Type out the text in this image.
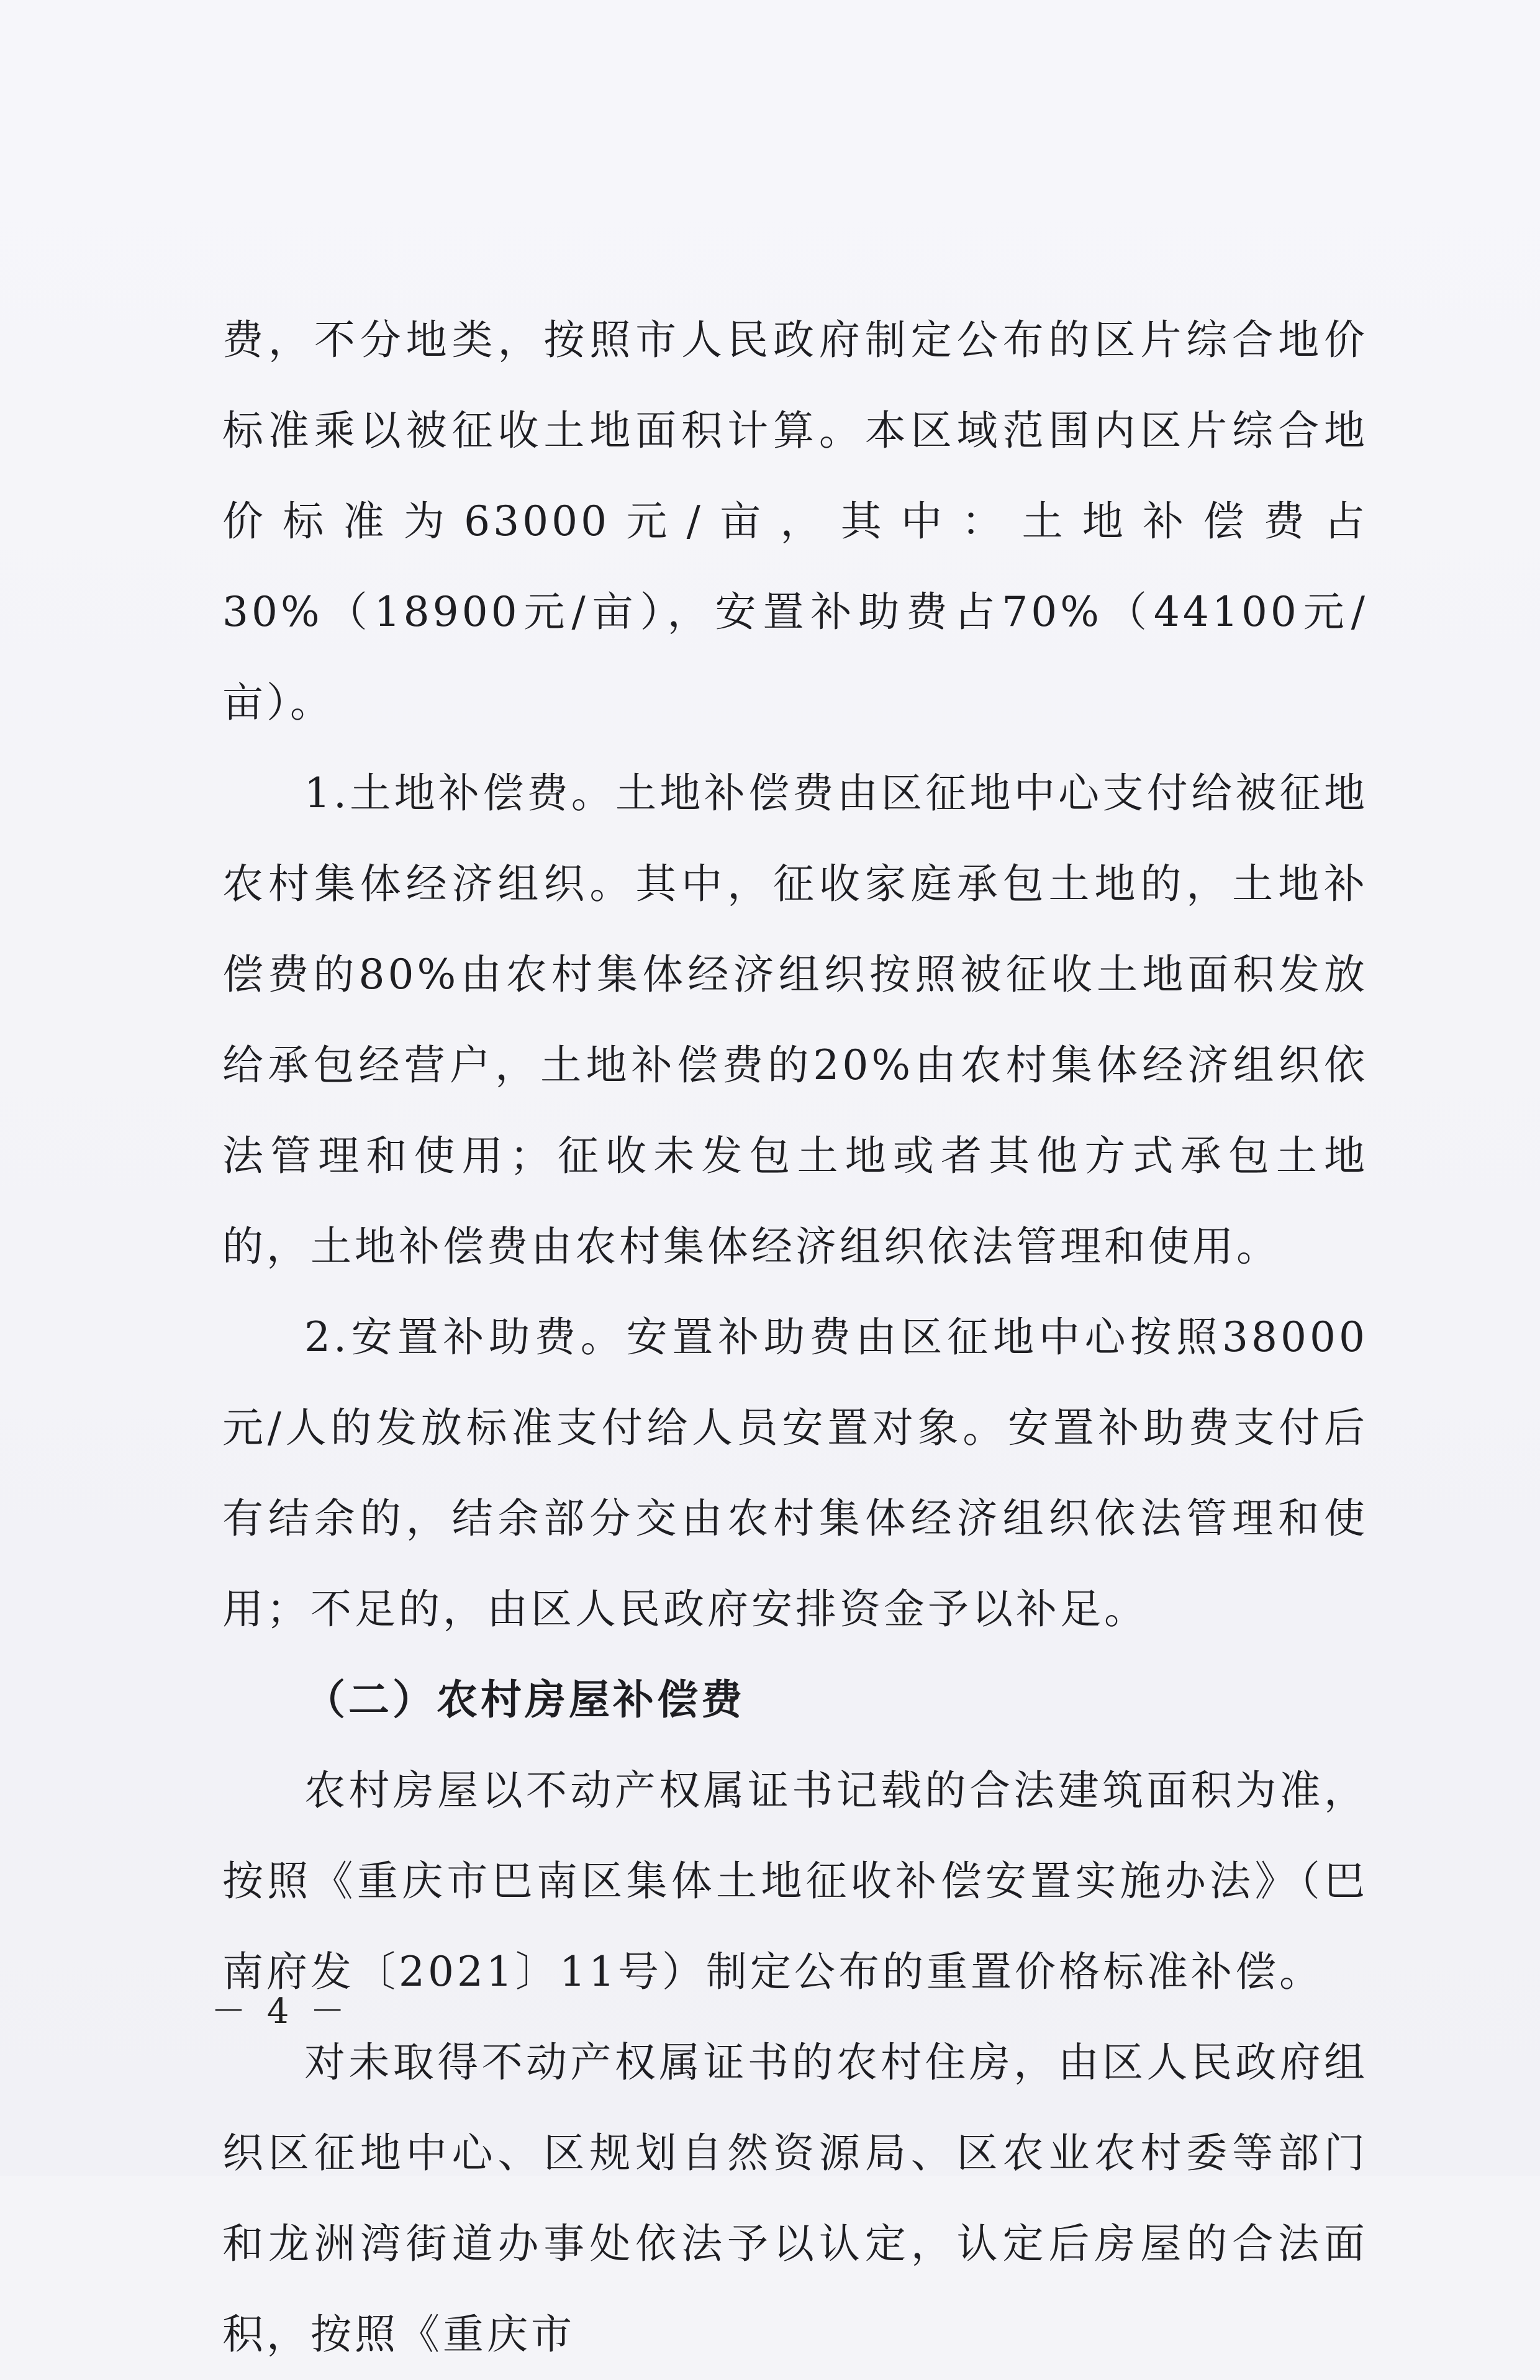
费，不分地类，按照市人民政府制定公布的区片综合地价标准乘以被征收土地面积计算。本区域范围内区片综合地价标准为63000元/亩，其中：土地补偿费占30%（18900元/亩），安置补助费占70%（44100元/亩）。

1.土地补偿费。土地补偿费由区征地中心支付给被征地农村集体经济组织。其中，征收家庭承包土地的，土地补偿费的80%由农村集体经济组织按照被征收土地面积发放给承包经营户，土地补偿费的20%由农村集体经济组织依法管理和使用；征收未发包土地或者其他方式承包土地的，土地补偿费由农村集体经济组织依法管理和使用。

2.安置补助费。安置补助费由区征地中心按照38000元/人的发放标准支付给人员安置对象。安置补助费支付后有结余的，结余部分交由农村集体经济组织依法管理和使用；不足的，由区人民政府安排资金予以补足。

（二）农村房屋补偿费

农村房屋以不动产权属证书记载的合法建筑面积为准，按照《重庆市巴南区集体土地征收补偿安置实施办法》（巴南府发〔2021〕11号）制定公布的重置价格标准补偿。

对未取得不动产权属证书的农村住房，由区人民政府组织区征地中心、区规划自然资源局、区农业农村委等部门和龙洲湾街道办事处依法予以认定，认定后房屋的合法面积，按照《重庆市

－ 4 －
